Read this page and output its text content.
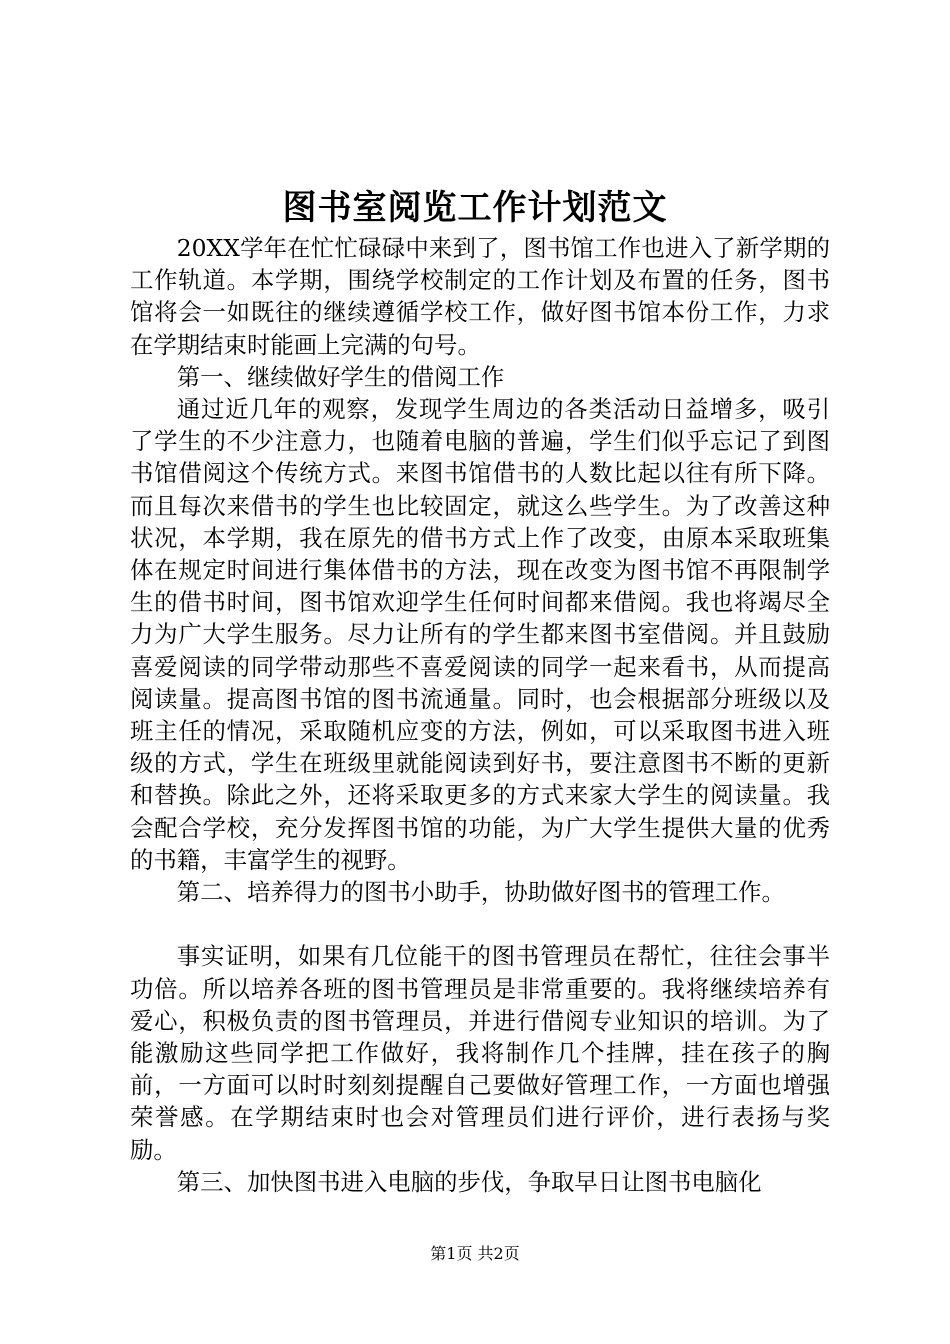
图书室阅览工作计划范文

20XX学年在忙忙碌碌中来到了，图书馆工作也进入了新学期的工作轨道。本学期，围绕学校制定的工作计划及布置的任务，图书馆将会一如既往的继续遵循学校工作，做好图书馆本份工作，力求在学期结束时能画上完满的句号。

第一、继续做好学生的借阅工作

通过近几年的观察，发现学生周边的各类活动日益增多，吸引了学生的不少注意力，也随着电脑的普遍，学生们似乎忘记了到图书馆借阅这个传统方式。来图书馆借书的人数比起以往有所下降。而且每次来借书的学生也比较固定，就这么些学生。为了改善这种状况，本学期，我在原先的借书方式上作了改变，由原本采取班集体在规定时间进行集体借书的方法，现在改变为图书馆不再限制学生的借书时间，图书馆欢迎学生任何时间都来借阅。我也将竭尽全力为广大学生服务。尽力让所有的学生都来图书室借阅。并且鼓励喜爱阅读的同学带动那些不喜爱阅读的同学一起来看书，从而提高阅读量。提高图书馆的图书流通量。同时，也会根据部分班级以及班主任的情况，采取随机应变的方法，例如，可以采取图书进入班级的方式，学生在班级里就能阅读到好书，要注意图书不断的更新和替换。除此之外，还将采取更多的方式来家大学生的阅读量。我会配合学校，充分发挥图书馆的功能，为广大学生提供大量的优秀的书籍，丰富学生的视野。

第二、培养得力的图书小助手，协助做好图书的管理工作。

事实证明，如果有几位能干的图书管理员在帮忙，往往会事半功倍。所以培养各班的图书管理员是非常重要的。我将继续培养有爱心，积极负责的图书管理员，并进行借阅专业知识的培训。为了能激励这些同学把工作做好，我将制作几个挂牌，挂在孩子的胸前，一方面可以时时刻刻提醒自己要做好管理工作，一方面也增强荣誉感。在学期结束时也会对管理员们进行评价，进行表扬与奖励。

第三、加快图书进入电脑的步伐，争取早日让图书电脑化

第1页 共2页
